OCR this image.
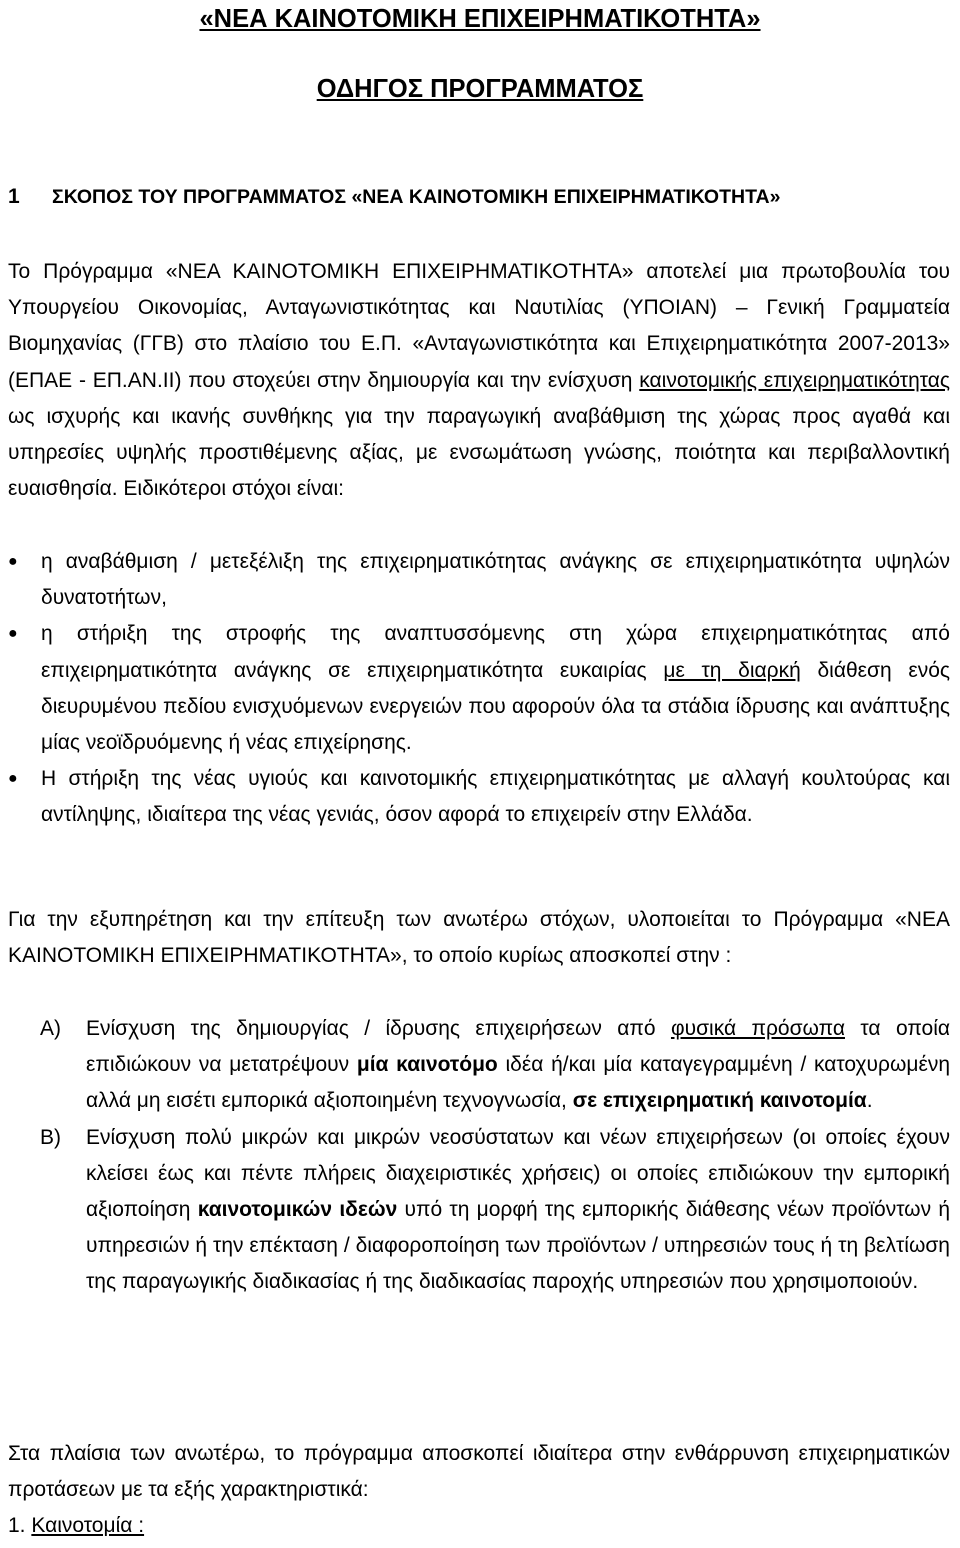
«ΝΕΑ ΚΑΙΝΟΤΟΜΙΚΗ ΕΠΙΧΕΙΡΗΜΑΤΙΚΟΤΗΤΑ»
ΟΔΗΓΟΣ ΠΡΟΓΡΑΜΜΑΤΟΣ
1 ΣΚΟΠΟΣ ΤΟΥ ΠΡΟΓΡΑΜΜΑΤΟΣ «ΝΕΑ ΚΑΙΝΟΤΟΜΙΚΗ ΕΠΙΧΕΙΡΗΜΑΤΙΚΟΤΗΤΑ»

Το Πρόγραμμα «ΝΕΑ ΚΑΙΝΟΤΟΜΙΚΗ ΕΠΙΧΕΙΡΗΜΑΤΙΚΟΤΗΤΑ» αποτελεί μια πρωτοβουλία του Υπουργείου Οικονομίας, Ανταγωνιστικότητας και Ναυτιλίας (ΥΠΟΙΑΝ) – Γενική Γραμματεία Βιομηχανίας (ΓΓΒ) στο πλαίσιο του Ε.Π. «Ανταγωνιστικότητα και Επιχειρηματικότητα 2007-2013» (ΕΠΑΕ - ΕΠ.ΑΝ.ΙΙ) που στοχεύει στην δημιουργία και την ενίσχυση καινοτομικής επιχειρηματικότητας ως ισχυρής και ικανής συνθήκης για την παραγωγική αναβάθμιση της χώρας προς αγαθά και υπηρεσίες υψηλής προστιθέμενης αξίας, με ενσωμάτωση γνώσης, ποιότητα και περιβαλλοντική ευαισθησία. Ειδικότεροι στόχοι είναι:

● η αναβάθμιση / μετεξέλιξη της επιχειρηματικότητας ανάγκης σε επιχειρηματικότητα υψηλών δυνατοτήτων,
● η στήριξη της στροφής της αναπτυσσόμενης στη χώρα επιχειρηματικότητας από επιχειρηματικότητα ανάγκης σε επιχειρηματικότητα ευκαιρίας με τη διαρκή διάθεση ενός διευρυμένου πεδίου ενισχυόμενων ενεργειών που αφορούν όλα τα στάδια ίδρυσης και ανάπτυξης μίας νεοϊδρυόμενης ή νέας επιχείρησης.
● Η στήριξη της νέας υγιούς και καινοτομικής επιχειρηματικότητας με αλλαγή κουλτούρας και αντίληψης, ιδιαίτερα της νέας γενιάς, όσον αφορά το επιχειρείν στην Ελλάδα.

Για την εξυπηρέτηση και την επίτευξη των ανωτέρω στόχων, υλοποιείται το Πρόγραμμα «ΝΕΑ ΚΑΙΝΟΤΟΜΙΚΗ ΕΠΙΧΕΙΡΗΜΑΤΙΚΟΤΗΤΑ», το οποίο κυρίως αποσκοπεί στην :

Α)	Ενίσχυση της δημιουργίας / ίδρυσης επιχειρήσεων από φυσικά πρόσωπα τα οποία επιδιώκουν να μετατρέψουν μία καινοτόμο ιδέα ή/και μία καταγεγραμμένη / κατοχυρωμένη αλλά μη εισέτι εμπορικά αξιοποιημένη τεχνογνωσία, σε επιχειρηματική καινοτομία.
Β)	Ενίσχυση πολύ μικρών και μικρών νεοσύστατων και νέων επιχειρήσεων (οι οποίες έχουν κλείσει έως και πέντε πλήρεις διαχειριστικές χρήσεις) οι οποίες επιδιώκουν την εμπορική αξιοποίηση καινοτομικών ιδεών υπό τη μορφή της εμπορικής διάθεσης νέων προϊόντων ή υπηρεσιών ή την επέκταση / διαφοροποίηση των προϊόντων / υπηρεσιών τους ή τη βελτίωση της παραγωγικής διαδικασίας ή της διαδικασίας παροχής υπηρεσιών που χρησιμοποιούν.

Στα πλαίσια των ανωτέρω, το πρόγραμμα αποσκοπεί ιδιαίτερα στην ενθάρρυνση επιχειρηματικών προτάσεων με τα εξής χαρακτηριστικά:

1. Καινοτομία :
